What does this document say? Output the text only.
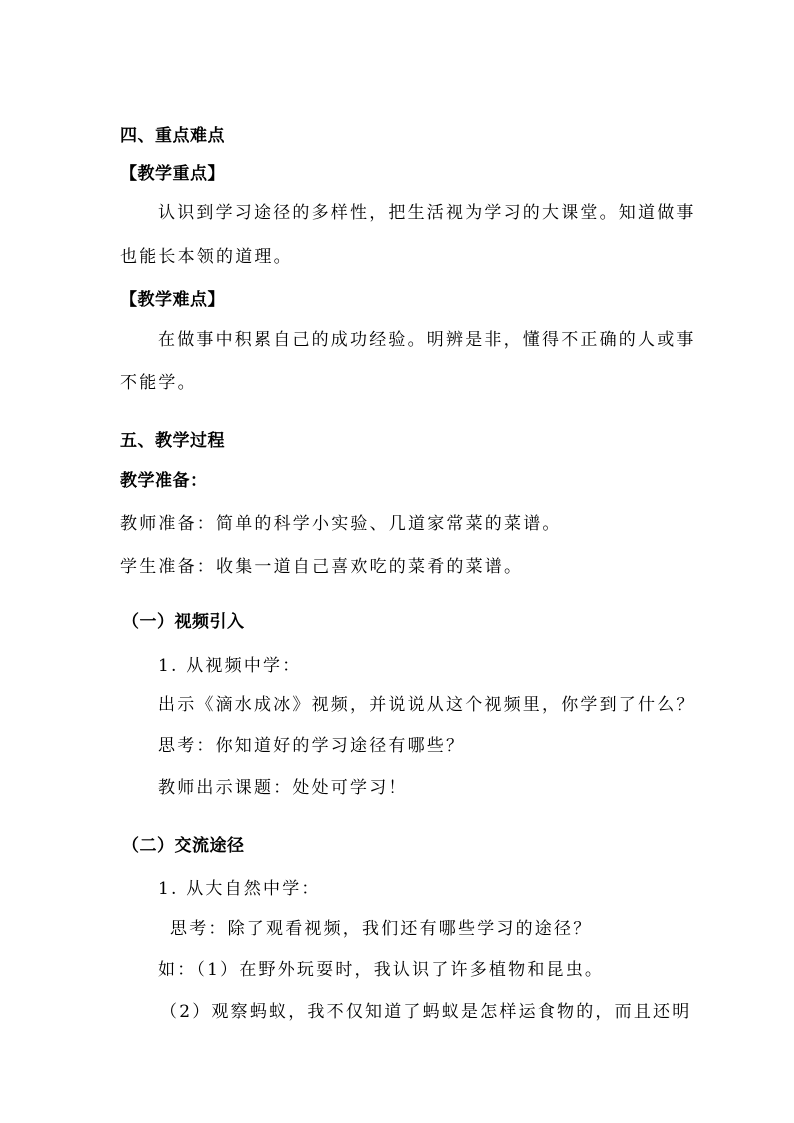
四、重点难点
【教学重点】
认识到学习途径的多样性，把生活视为学习的大课堂。知道做事
也能长本领的道理。
【教学难点】
在做事中积累自己的成功经验。明辨是非，懂得不正确的人或事
不能学。
五、教学过程
教学准备：
教师准备：简单的科学小实验、几道家常菜的菜谱。
学生准备：收集一道自己喜欢吃的菜肴的菜谱。
（一）视频引入
1. 从视频中学：
出示《滴水成冰》视频，并说说从这个视频里，你学到了什么？
思考：你知道好的学习途径有哪些？
教师出示课题：处处可学习！
（二）交流途径
1. 从大自然中学：
思考：除了观看视频，我们还有哪些学习的途径？
如：（1）在野外玩耍时，我认识了许多植物和昆虫。
（2）观察蚂蚁，我不仅知道了蚂蚁是怎样运食物的，而且还明
